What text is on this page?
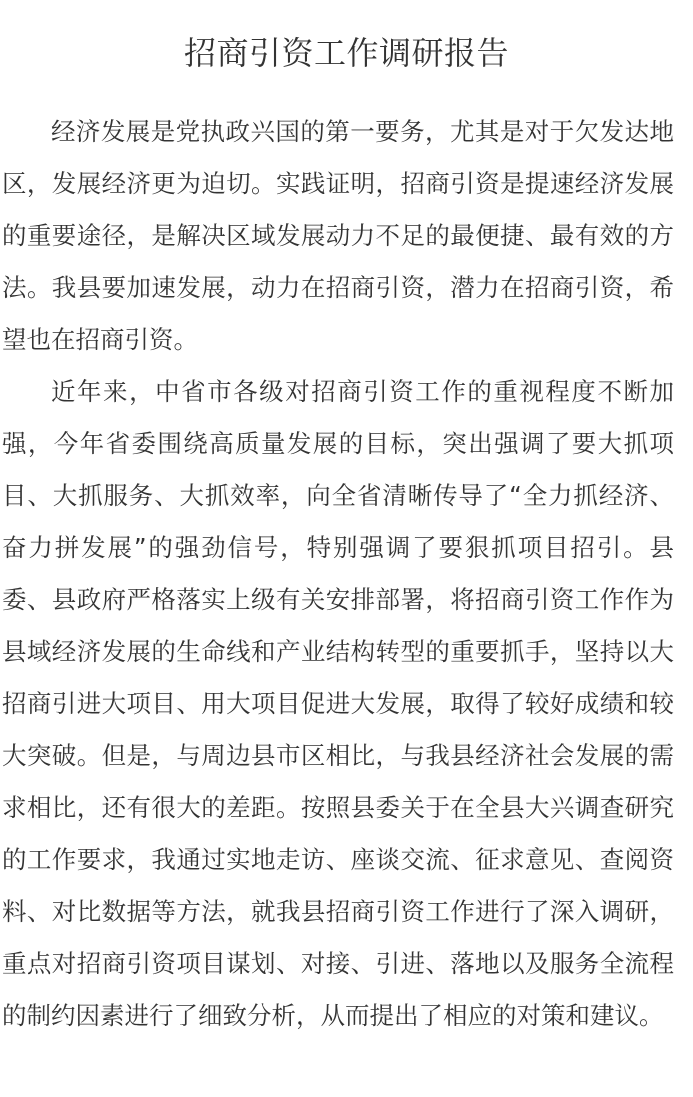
招商引资工作调研报告

经济发展是党执政兴国的第一要务，尤其是对于欠发达地区，发展经济更为迫切。实践证明，招商引资是提速经济发展的重要途径，是解决区域发展动力不足的最便捷、最有效的方法。我县要加速发展，动力在招商引资，潜力在招商引资，希望也在招商引资。

近年来，中省市各级对招商引资工作的重视程度不断加强，今年省委围绕高质量发展的目标，突出强调了要大抓项目、大抓服务、大抓效率，向全省清晰传导了“全力抓经济、奋力拼发展”的强劲信号，特别强调了要狠抓项目招引。县委、县政府严格落实上级有关安排部署，将招商引资工作作为县域经济发展的生命线和产业结构转型的重要抓手，坚持以大招商引进大项目、用大项目促进大发展，取得了较好成绩和较大突破。但是，与周边县市区相比，与我县经济社会发展的需求相比，还有很大的差距。按照县委关于在全县大兴调查研究的工作要求，我通过实地走访、座谈交流、征求意见、查阅资料、对比数据等方法，就我县招商引资工作进行了深入调研，重点对招商引资项目谋划、对接、引进、落地以及服务全流程的制约因素进行了细致分析，从而提出了相应的对策和建议。
